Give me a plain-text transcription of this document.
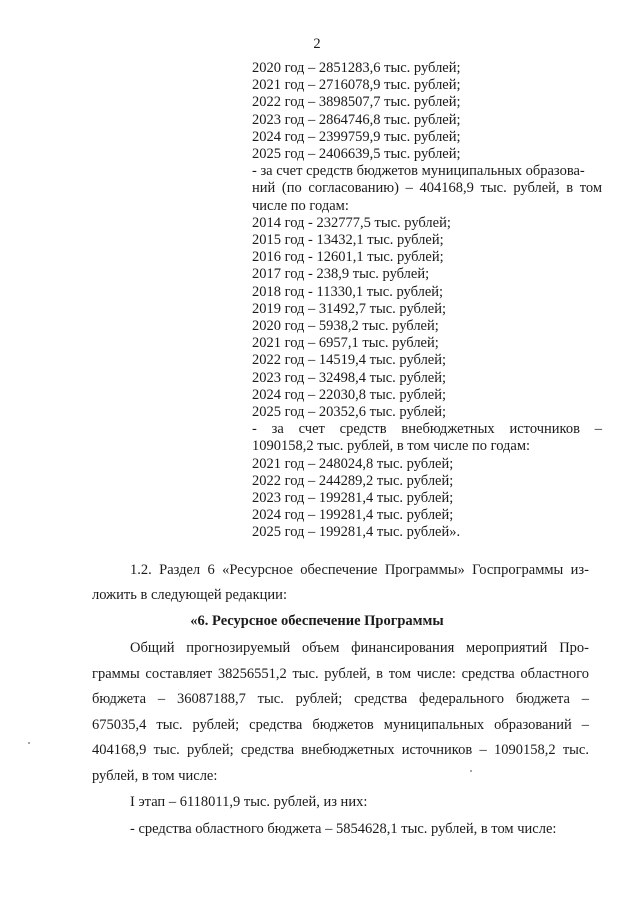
2
2020 год – 2851283,6 тыс. рублей;
2021 год – 2716078,9 тыс. рублей;
2022 год – 3898507,7 тыс. рублей;
2023 год – 2864746,8 тыс. рублей;
2024 год – 2399759,9 тыс. рублей;
2025 год – 2406639,5 тыс. рублей;
- за счет средств бюджетов муниципальных образова-
ний (по согласованию) – 404168,9 тыс. рублей, в том
числе по годам:
2014 год - 232777,5 тыс. рублей;
2015 год - 13432,1 тыс. рублей;
2016 год - 12601,1 тыс. рублей;
2017 год - 238,9 тыс. рублей;
2018 год - 11330,1 тыс. рублей;
2019 год – 31492,7 тыс. рублей;
2020 год – 5938,2 тыс. рублей;
2021 год – 6957,1 тыс. рублей;
2022 год – 14519,4 тыс. рублей;
2023 год – 32498,4 тыс. рублей;
2024 год – 22030,8 тыс. рублей;
2025 год – 20352,6 тыс. рублей;
- за счет средств внебюджетных источников –
1090158,2 тыс. рублей, в том числе по годам:
2021 год – 248024,8 тыс. рублей;
2022 год – 244289,2 тыс. рублей;
2023 год – 199281,4 тыс. рублей;
2024 год – 199281,4 тыс. рублей;
2025 год – 199281,4 тыс. рублей».
1.2. Раздел 6 «Ресурсное обеспечение Программы» Госпрограммы из-
ложить в следующей редакции:
«6. Ресурсное обеспечение Программы
Общий прогнозируемый объем финансирования мероприятий Про-
граммы составляет 38256551,2 тыс. рублей, в том числе: средства областного
бюджета – 36087188,7 тыс. рублей; средства федерального бюджета –
675035,4 тыс. рублей; средства бюджетов муниципальных образований –
404168,9 тыс. рублей; средства внебюджетных источников – 1090158,2 тыс.
рублей, в том числе:
I этап – 6118011,9 тыс. рублей, из них:
- средства областного бюджета – 5854628,1 тыс. рублей, в том числе:
